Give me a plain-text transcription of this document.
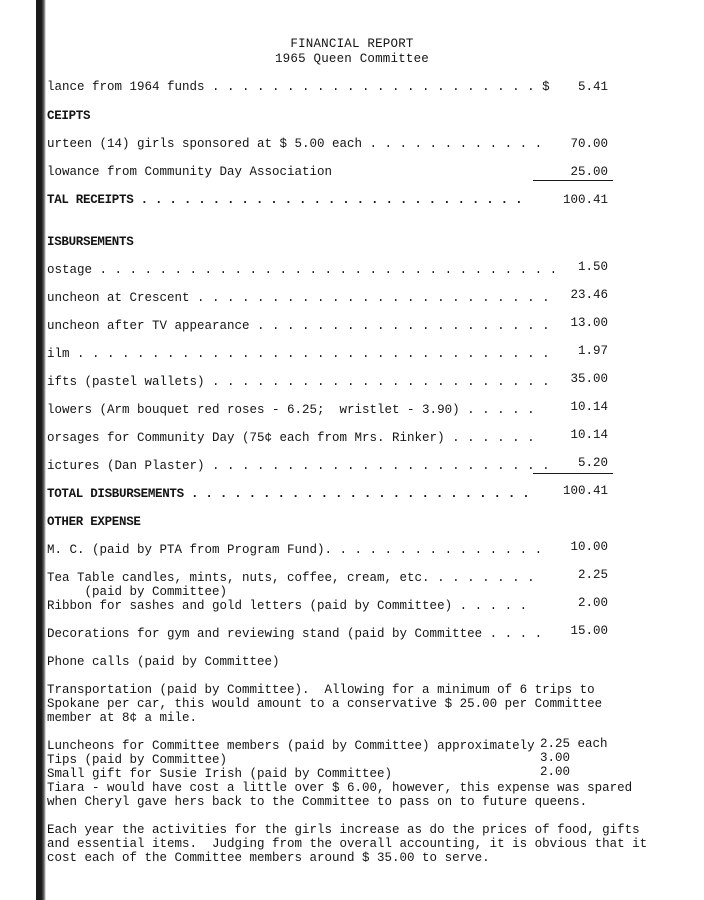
FINANCIAL REPORT
1965 Queen Committee
lance from 1964 funds . . . . . . . . . . . . . . . . . . . . . . $	5.41
CEIPTS
urteen (14) girls sponsored at $ 5.00 each . . . . . . . . . . . .	70.00
lowance from Community Day Association	25.00
TAL RECEIPTS . . . . . . . . . . . . . . . . . . . . . . . . . . .	100.41
ISBURSEMENTS
ostage . . . . . . . . . . . . . . . . . . . . . . . . . . . . . . .	1.50
uncheon at Crescent . . . . . . . . . . . . . . . . . . . . . . . .	23.46
uncheon after TV appearance . . . . . . . . . . . . . . . . . . . .	13.00
ilm . . . . . . . . . . . . . . . . . . . . . . . . . . . . . . . .	1.97
ifts (pastel wallets) . . . . . . . . . . . . . . . . . . . . . . .	35.00
lowers (Arm bouquet red roses - 6.25;  wristlet - 3.90) . . . . .	10.14
orsages for Community Day (75¢ each from Mrs. Rinker) . . . . . .	10.14
ictures (Dan Plaster) . . . . . . . . . . . . . . . . . . . . . . .	5.20
TOTAL DISBURSEMENTS . . . . . . . . . . . . . . . . . . . . . . . .	100.41
OTHER EXPENSE
M. C. (paid by PTA from Program Fund). . . . . . . . . . . . . . .	10.00
Tea Table candles, mints, nuts, coffee, cream, etc. . . . . . . .	2.25
(paid by Committee)
Ribbon for sashes and gold letters (paid by Committee) . . . . .	2.00
Decorations for gym and reviewing stand (paid by Committee . . . .	15.00
Phone calls (paid by Committee)
Transportation (paid by Committee).  Allowing for a minimum of 6 trips to
Spokane per car, this would amount to a conservative $ 25.00 per Committee
member at 8¢ a mile.
Luncheons for Committee members (paid by Committee) approximately 2.25 each
Tips (paid by Committee)	3.00
Small gift for Susie Irish (paid by Committee)	2.00
Tiara - would have cost a little over $ 6.00, however, this expense was spared
when Cheryl gave hers back to the Committee to pass on to future queens.
Each year the activities for the girls increase as do the prices of food, gifts
and essential items.  Judging from the overall accounting, it is obvious that it
cost each of the Committee members around $ 35.00 to serve.
